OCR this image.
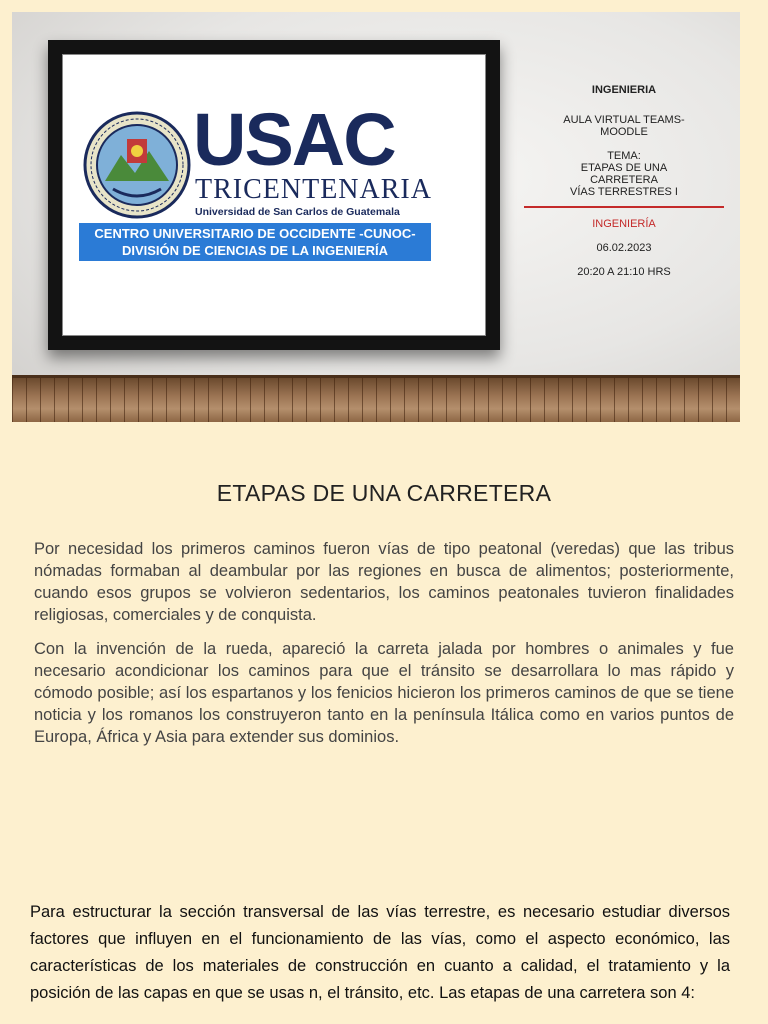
USAC
TRICENTENARIA
Universidad de San Carlos de Guatemala
CENTRO UNIVERSITARIO DE OCCIDENTE -CUNOC-
DIVISIÓN DE CIENCIAS DE LA INGENIERÍA
INGENIERIA
AULA VIRTUAL TEAMS-
MOODLE
TEMA:
ETAPAS DE UNA
CARRETERA
VÍAS TERRESTRES I
INGENIERÍA
06.02.2023
20:20 A 21:10 HRS
ETAPAS DE UNA CARRETERA

Por necesidad los primeros caminos fueron vías de tipo peatonal (veredas) que las tribus nómadas formaban al deambular por las regiones en busca de alimentos; posteriormente, cuando esos grupos se volvieron sedentarios, los caminos peatonales tuvieron finalidades religiosas, comerciales y de conquista.

Con la invención de la rueda, apareció la carreta jalada por hombres o animales y fue necesario acondicionar los caminos para que el tránsito se desarrollara lo mas rápido y cómodo posible; así los espartanos y los fenicios hicieron los primeros caminos de que se tiene noticia y los romanos los construyeron tanto en la península Itálica como en varios puntos de Europa, África y Asia para extender sus dominios.

Para estructurar la sección transversal de las vías terrestre, es necesario estudiar diversos factores que influyen en el funcionamiento de las vías, como el aspecto económico, las características de los materiales de construcción en cuanto a calidad, el tratamiento y la posición de las capas en que se usas n, el tránsito, etc. Las etapas de una carretera son 4:
